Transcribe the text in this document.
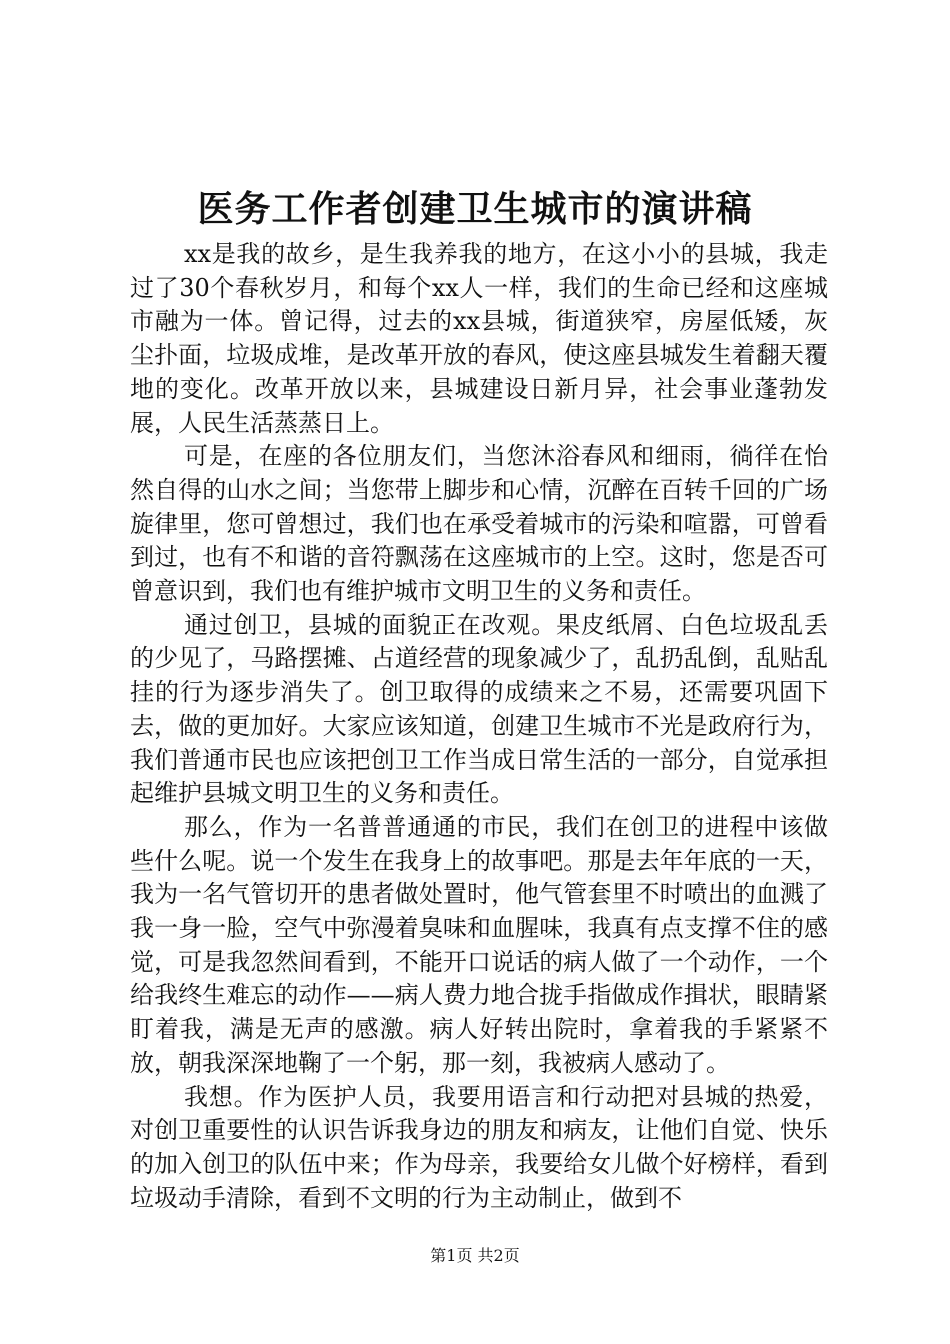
医务工作者创建卫生城市的演讲稿

xx是我的故乡，是生我养我的地方，在这小小的县城，我走过了30个春秋岁月，和每个xx人一样，我们的生命已经和这座城市融为一体。曾记得，过去的xx县城，街道狭窄，房屋低矮，灰尘扑面，垃圾成堆，是改革开放的春风，使这座县城发生着翻天覆地的变化。改革开放以来，县城建设日新月异，社会事业蓬勃发展，人民生活蒸蒸日上。

可是，在座的各位朋友们，当您沐浴春风和细雨，徜徉在怡然自得的山水之间；当您带上脚步和心情，沉醉在百转千回的广场旋律里，您可曾想过，我们也在承受着城市的污染和喧嚣，可曾看到过，也有不和谐的音符飘荡在这座城市的上空。这时，您是否可曾意识到，我们也有维护城市文明卫生的义务和责任。

通过创卫，县城的面貌正在改观。果皮纸屑、白色垃圾乱丢的少见了，马路摆摊、占道经营的现象减少了，乱扔乱倒，乱贴乱挂的行为逐步消失了。创卫取得的成绩来之不易，还需要巩固下去，做的更加好。大家应该知道，创建卫生城市不光是政府行为，我们普通市民也应该把创卫工作当成日常生活的一部分，自觉承担起维护县城文明卫生的义务和责任。

那么，作为一名普普通通的市民，我们在创卫的进程中该做些什么呢。说一个发生在我身上的故事吧。那是去年年底的一天，我为一名气管切开的患者做处置时，他气管套里不时喷出的血溅了我一身一脸，空气中弥漫着臭味和血腥味，我真有点支撑不住的感觉，可是我忽然间看到，不能开口说话的病人做了一个动作，一个给我终生难忘的动作——病人费力地合拢手指做成作揖状，眼睛紧盯着我，满是无声的感激。病人好转出院时，拿着我的手紧紧不放，朝我深深地鞠了一个躬，那一刻，我被病人感动了。

我想。作为医护人员，我要用语言和行动把对县城的热爱，对创卫重要性的认识告诉我身边的朋友和病友，让他们自觉、快乐的加入创卫的队伍中来；作为母亲，我要给女儿做个好榜样，看到垃圾动手清除，看到不文明的行为主动制止，做到不

第1页 共2页
